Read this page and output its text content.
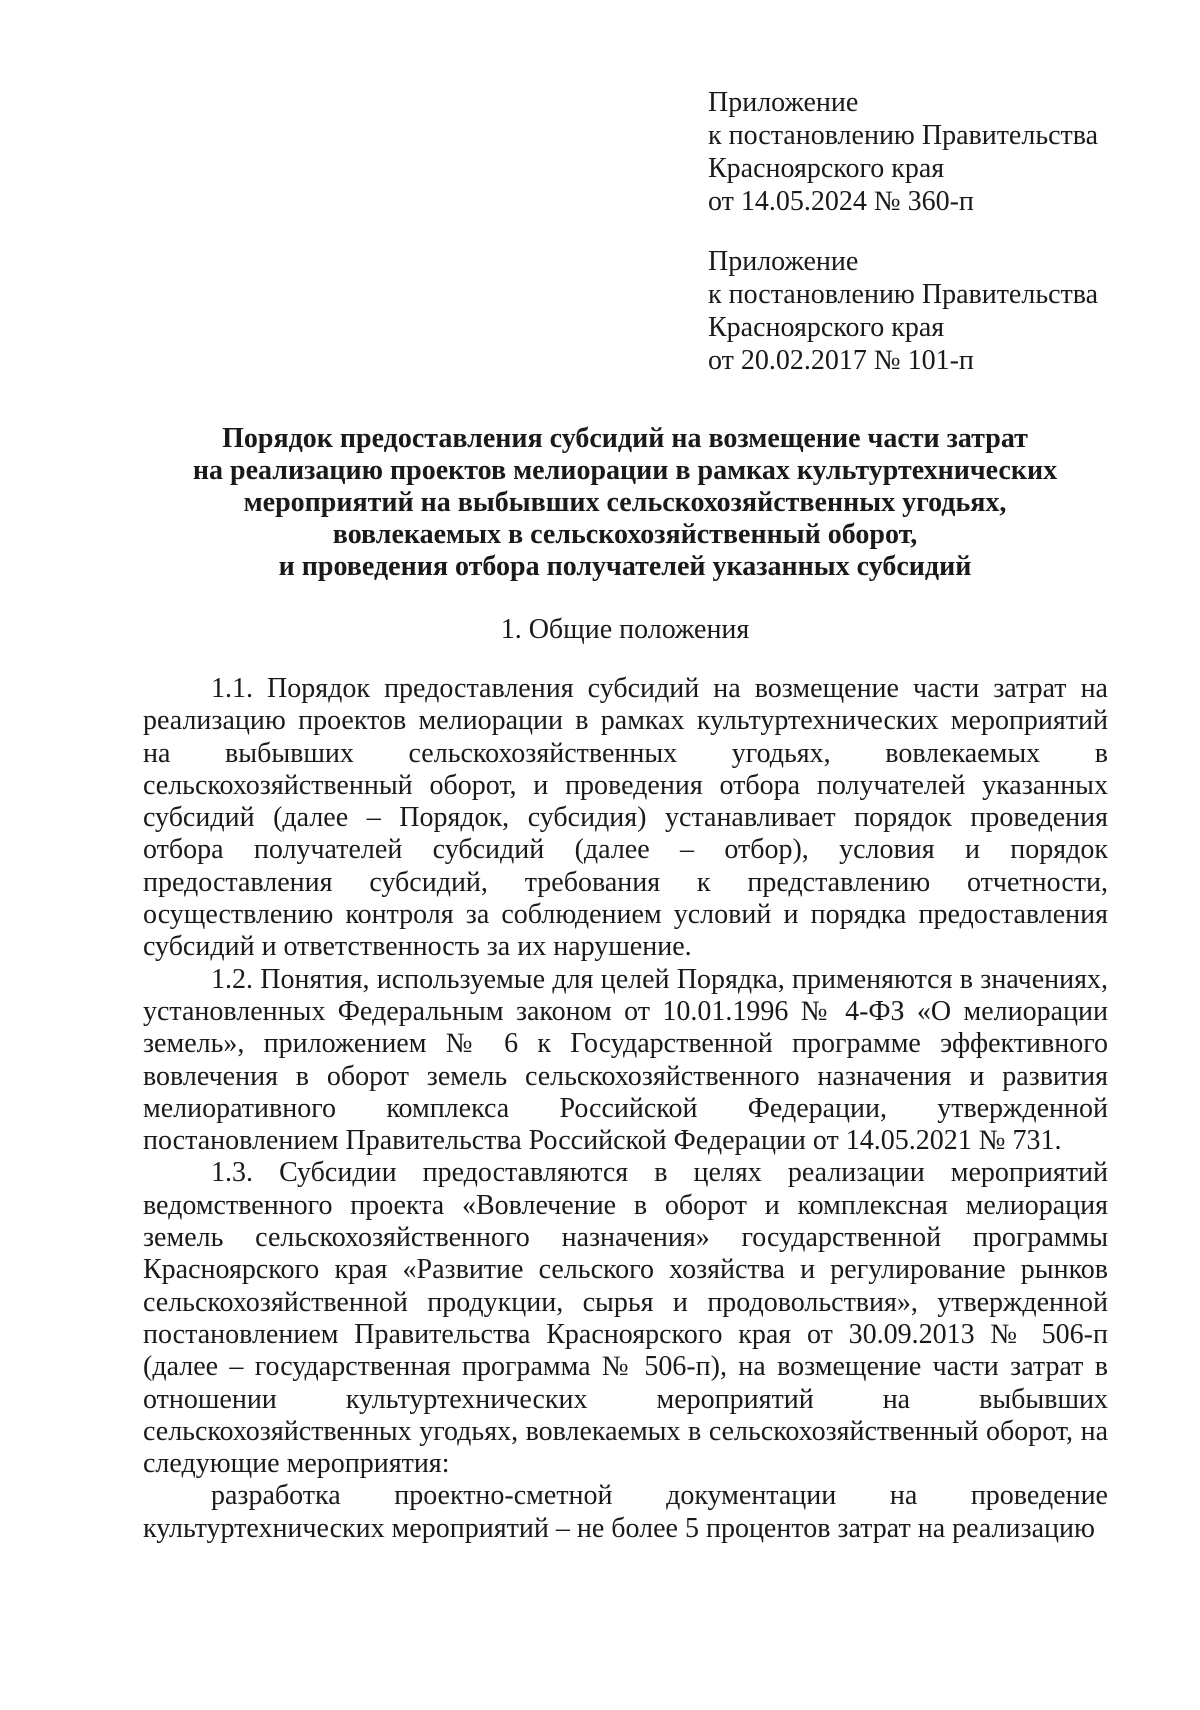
Приложение
к постановлению Правительства
Красноярского края
от 14.05.2024 № 360-п
Приложение
к постановлению Правительства
Красноярского края
от 20.02.2017 № 101-п
Порядок предоставления субсидий на возмещение части затрат
на реализацию проектов мелиорации в рамках культуртехнических
мероприятий на выбывших сельскохозяйственных угодьях,
вовлекаемых в сельскохозяйственный оборот,
и проведения отбора получателей указанных субсидий
1. Общие положения

1.1. Порядок предоставления субсидий на возмещение части затрат на реализацию проектов мелиорации в рамках культуртехнических мероприятий на выбывших сельскохозяйственных угодьях, вовлекаемых в сельскохозяйственный оборот, и проведения отбора получателей указанных субсидий (далее – Порядок, субсидия) устанавливает порядок проведения отбора получателей субсидий (далее – отбор), условия и порядок предоставления субсидий, требования к представлению отчетности, осуществлению контроля за соблюдением условий и порядка предоставления субсидий и ответственность за их нарушение.

1.2. Понятия, используемые для целей Порядка, применяются в значениях, установленных Федеральным законом от 10.01.1996 № 4-ФЗ «О мелиорации земель», приложением № 6 к Государственной программе эффективного вовлечения в оборот земель сельскохозяйственного назначения и развития мелиоративного комплекса Российской Федерации, утвержденной постановлением Правительства Российской Федерации от 14.05.2021 № 731.

1.3. Субсидии предоставляются в целях реализации мероприятий ведомственного проекта «Вовлечение в оборот и комплексная мелиорация земель сельскохозяйственного назначения» государственной программы Красноярского края «Развитие сельского хозяйства и регулирование рынков сельскохозяйственной продукции, сырья и продовольствия», утвержденной постановлением Правительства Красноярского края от 30.09.2013 № 506-п (далее – государственная программа № 506-п), на возмещение части затрат в отношении культуртехнических мероприятий на выбывших сельскохозяйственных угодьях, вовлекаемых в сельскохозяйственный оборот, на следующие мероприятия:

разработка проектно-сметной документации на проведение культуртехнических мероприятий – не более 5 процентов затрат на реализацию
